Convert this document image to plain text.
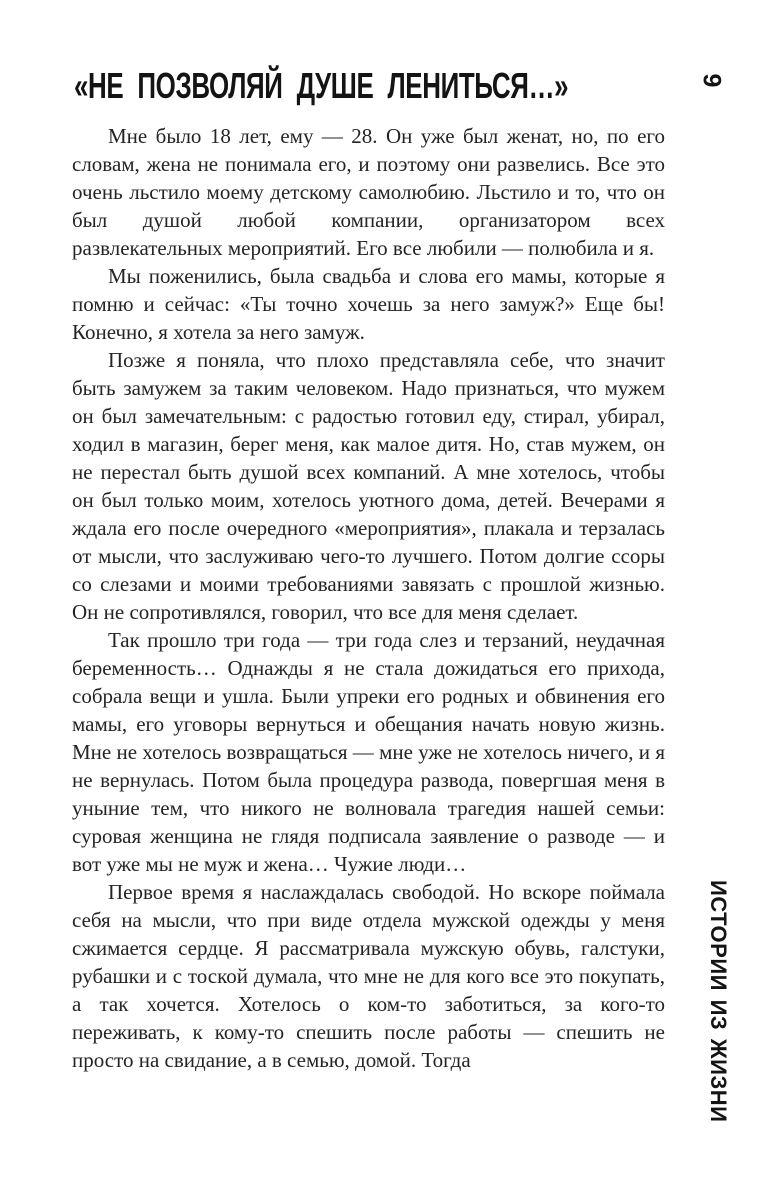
«НЕ ПОЗВОЛЯЙ ДУШЕ ЛЕНИТЬСЯ…»	9
ИСТОРИИ ИЗ ЖИЗНИ

Мне было 18 лет, ему — 28. Он уже был женат, но, по его словам, жена не понимала его, и поэтому они развелись. Все это очень льстило моему детскому самолюбию. Льстило и то, что он был душой любой компании, организатором всех развлекательных мероприятий. Его все любили — полюбила и я.

Мы поженились, была свадьба и слова его мамы, которые я помню и сейчас: «Ты точно хочешь за него замуж?» Еще бы! Конечно, я хотела за него замуж.

Позже я поняла, что плохо представляла себе, что значит быть замужем за таким человеком. Надо признаться, что мужем он был замечательным: с радостью готовил еду, стирал, убирал, ходил в магазин, берег меня, как малое дитя. Но, став мужем, он не перестал быть душой всех компаний. А мне хотелось, чтобы он был только моим, хотелось уютного дома, детей. Вечерами я ждала его после очередного «мероприятия», плакала и терзалась от мысли, что заслуживаю чего-то лучшего. Потом долгие ссоры со слезами и моими требованиями завязать с прошлой жизнью. Он не сопротивлялся, говорил, что все для меня сделает.

Так прошло три года — три года слез и терзаний, неудачная беременность… Однажды я не стала дожидаться его прихода, собрала вещи и ушла. Были упреки его родных и обвинения его мамы, его уговоры вернуться и обещания начать новую жизнь. Мне не хотелось возвращаться — мне уже не хотелось ничего, и я не вернулась. Потом была процедура развода, повергшая меня в уныние тем, что никого не волновала трагедия нашей семьи: суровая женщина не глядя подписала заявление о разводе — и вот уже мы не муж и жена… Чужие люди…

Первое время я наслаждалась свободой. Но вскоре поймала себя на мысли, что при виде отдела мужской одежды у меня сжимается сердце. Я рассматривала мужскую обувь, галстуки, рубашки и с тоской думала, что мне не для кого все это покупать, а так хочется. Хотелось о ком-то заботиться, за кого-то переживать, к кому-то спешить после работы — спешить не просто на свидание, а в семью, домой. Тогда
